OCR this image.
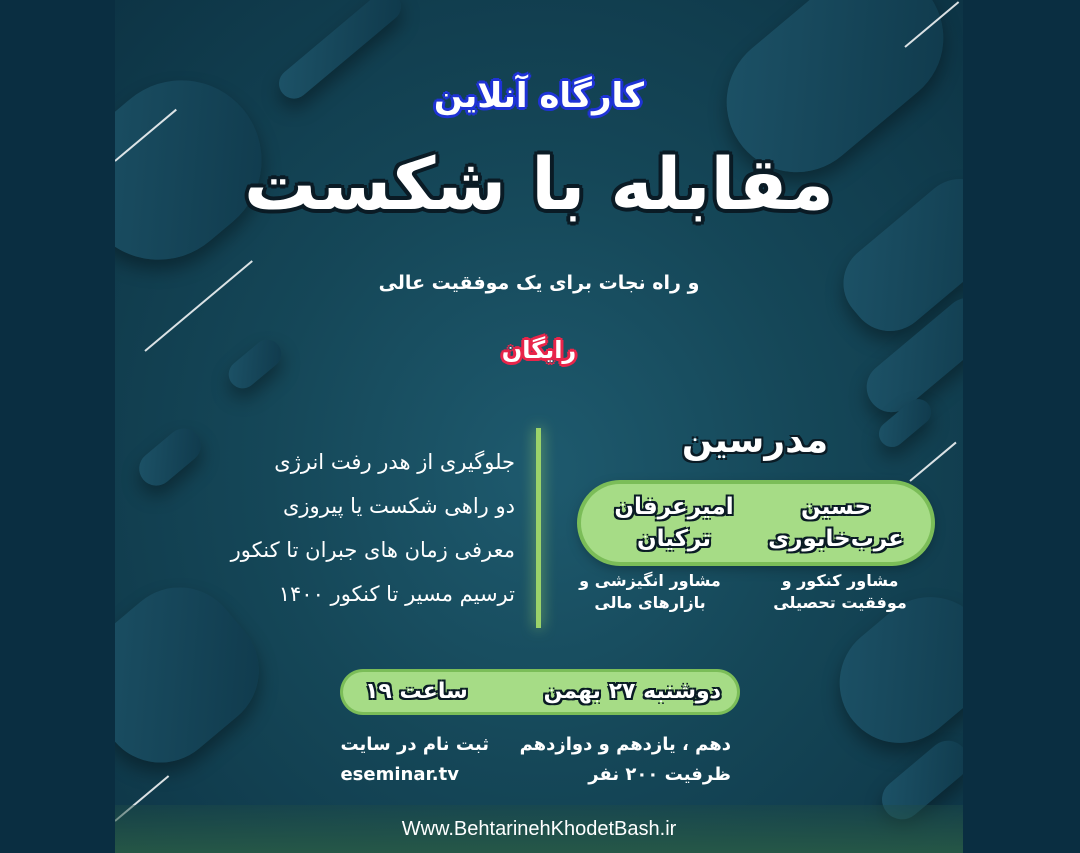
کارگاه آنلاین
مقابله با شکست
و راه نجات برای یک موفقیت عالی
رایگان
جلوگیری از هدر رفت انرژی
دو راهی شکست یا پیروزی
معرفی زمان های جبران تا کنکور
ترسیم مسیر تا کنکور ۱۴۰۰
مدرسین
حسین
عرب‌خابوری
امیرعرفان
ترکیان
مشاور کنکور و
موفقیت تحصیلی
مشاور انگیزشی و
بازارهای مالی
دوشنبه ۲۷ بهمن
ساعت ۱۹
دهم ، یازدهم و دوازدهم
ظرفیت ۲۰۰ نفر
ثبت نام در سایت
eseminar.tv
Www.BehtarinehKhodetBash.ir
